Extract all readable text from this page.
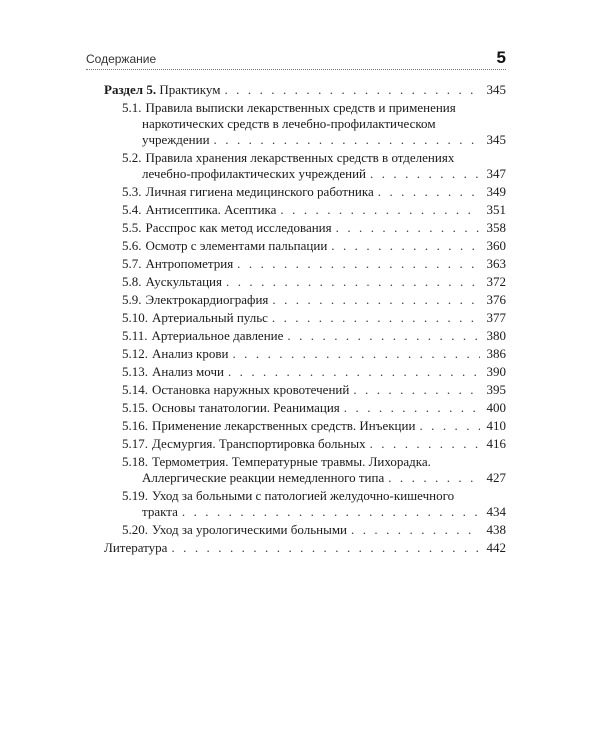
Содержание	5
Раздел 5. Практикум . . .	345
5.1. Правила выписки лекарственных средств и применения
наркотических средств в лечебно-профилактическом
учреждении . . .	345
5.2. Правила хранения лекарственных средств в отделениях
лечебно-профилактических учреждений . . .	347
5.3. Личная гигиена медицинского работника . . .	349
5.4. Антисептика. Асептика . . .	351
5.5. Расспрос как метод исследования . . .	358
5.6. Осмотр с элементами пальпации . . .	360
5.7. Антропометрия . . .	363
5.8. Аускультация . . .	372
5.9. Электрокардиография . . .	376
5.10. Артериальный пульс . . .	377
5.11. Артериальное давление . . .	380
5.12. Анализ крови . . .	386
5.13. Анализ мочи . . .	390
5.14. Остановка наружных кровотечений . . .	395
5.15. Основы танатологии. Реанимация . . .	400
5.16. Применение лекарственных средств. Инъекции . . .	410
5.17. Десмургия. Транспортировка больных . . .	416
5.18. Термометрия. Температурные травмы. Лихорадка.
Аллергические реакции немедленного типа . . .	427
5.19. Уход за больными с патологией желудочно-кишечного
тракта . . .	434
5.20. Уход за урологическими больными . . .	438
Литература . . .	442
